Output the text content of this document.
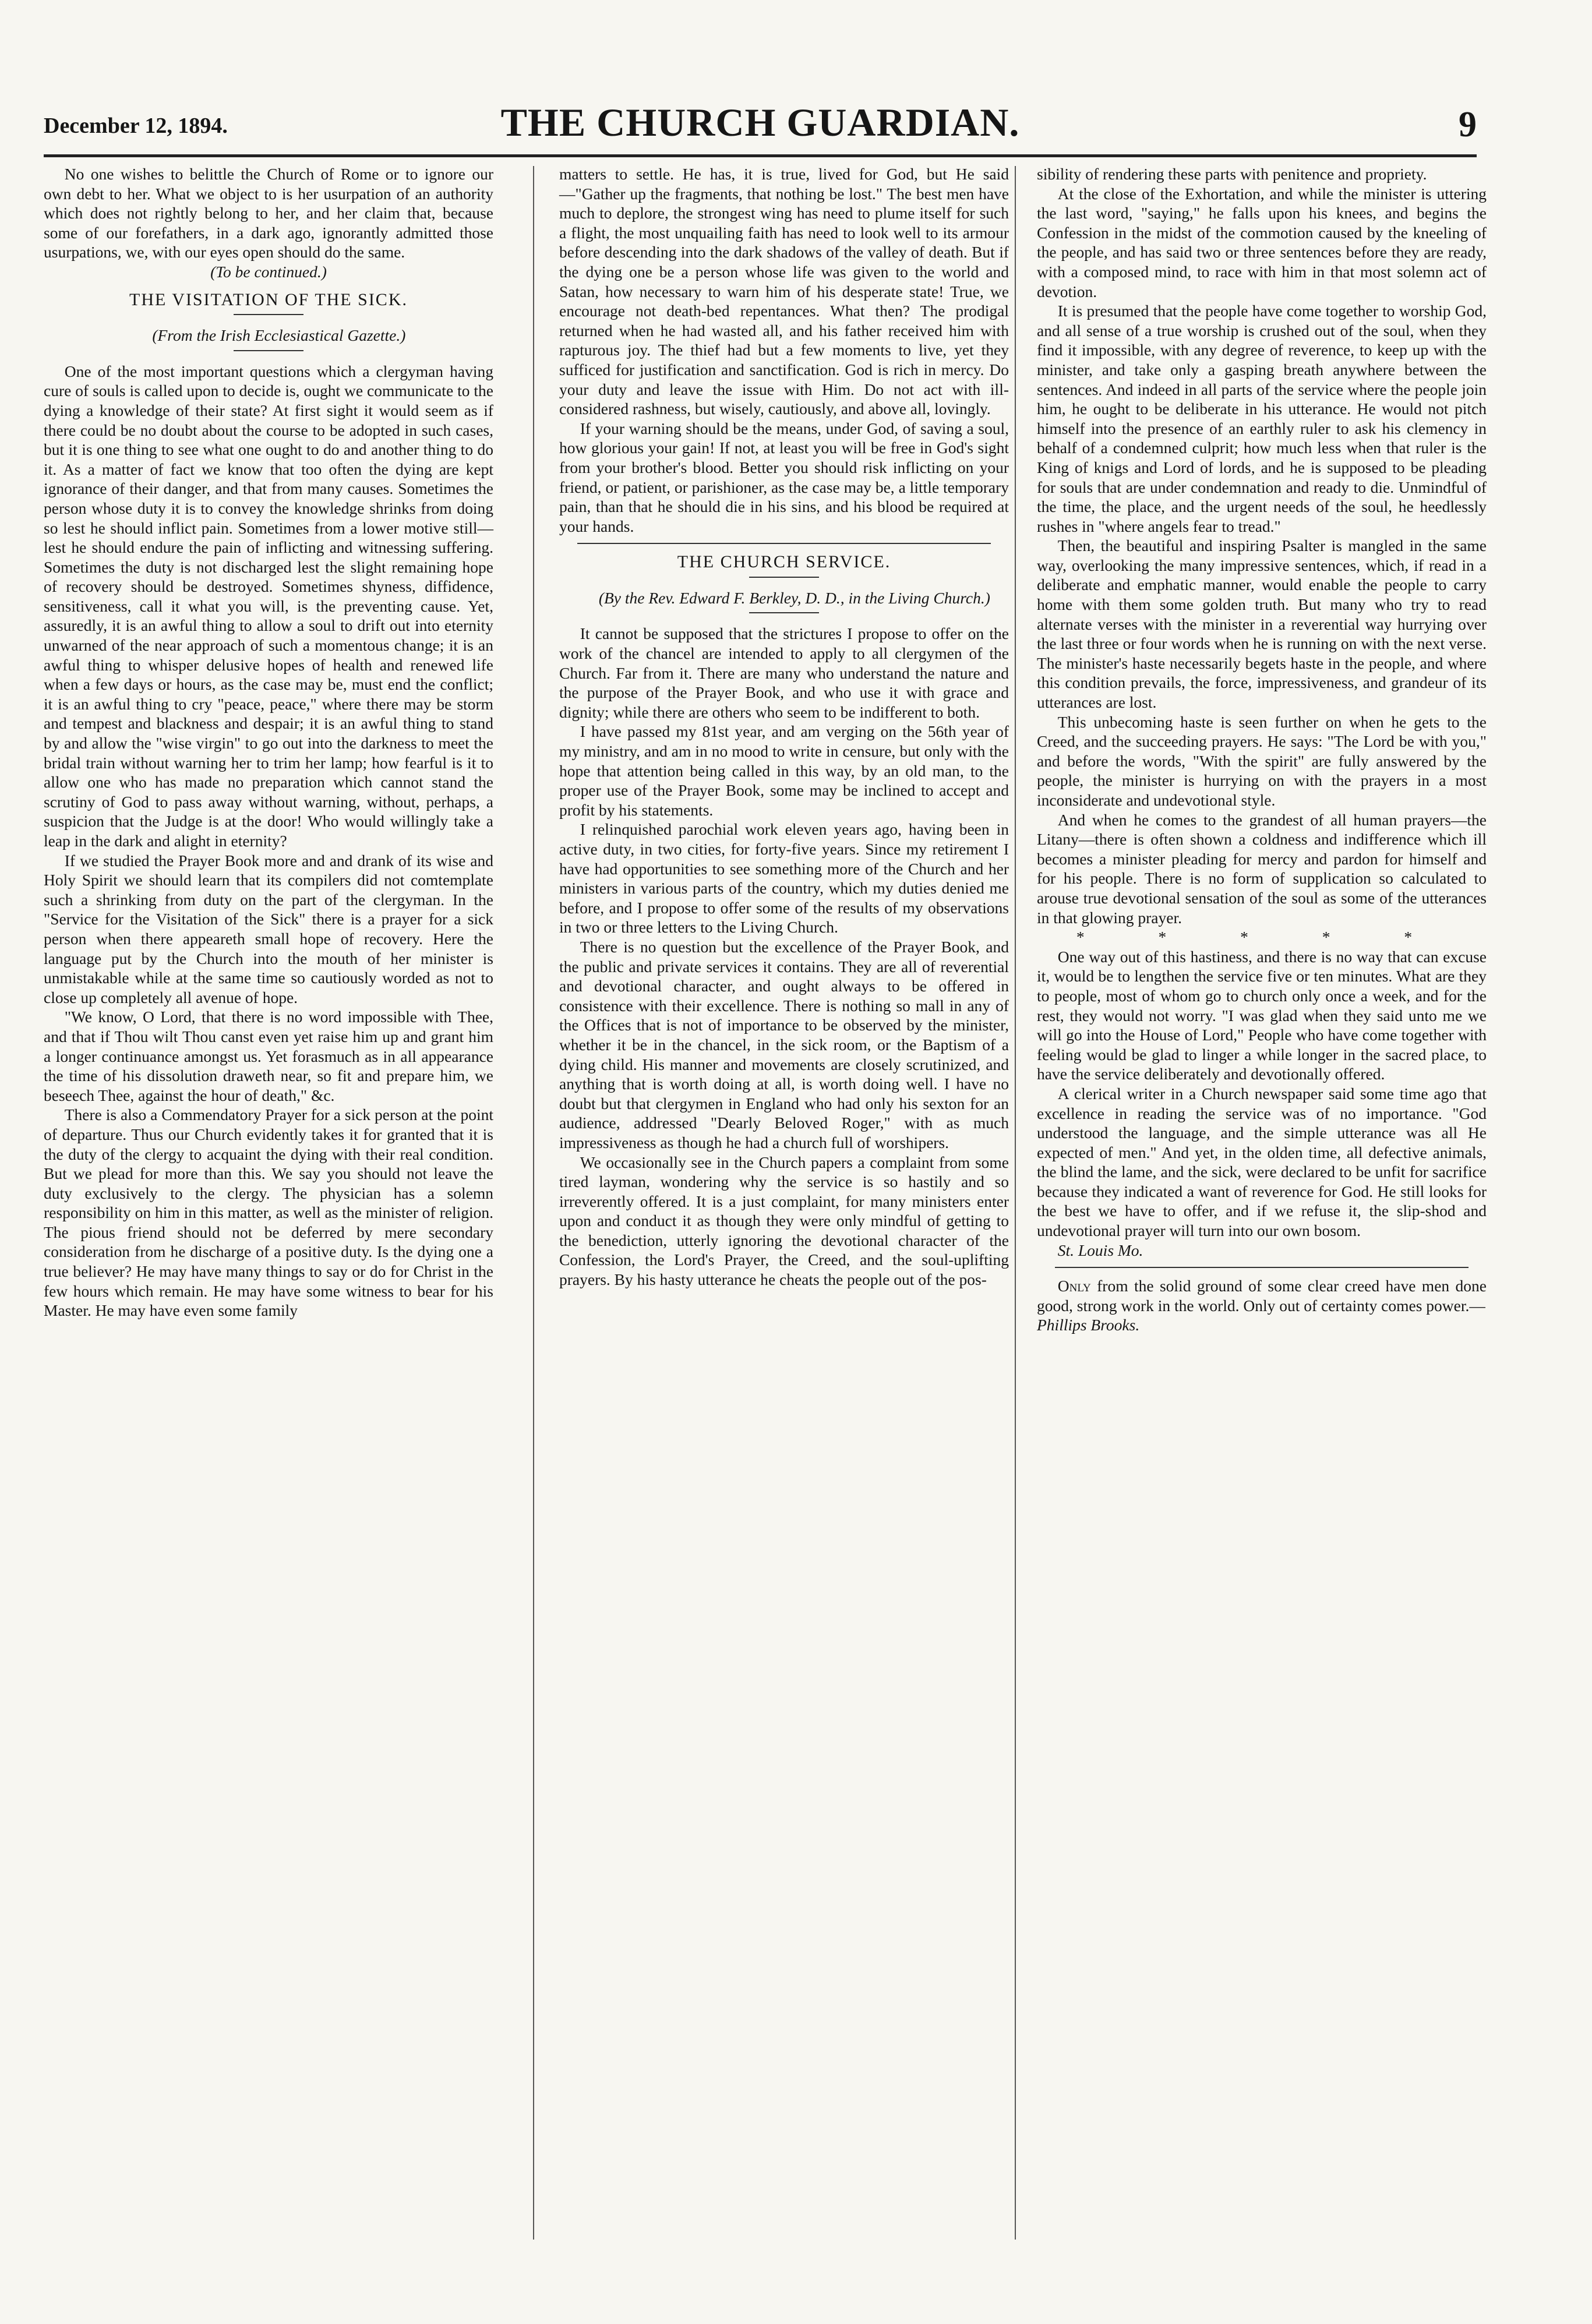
December 12, 1894.	THE CHURCH GUARDIAN.	9

No one wishes to belittle the Church of Rome or to ignore our own debt to her. What we object to is her usurpation of an authority which does not rightly belong to her, and her claim that, because some of our forefathers, in a dark ago, ignorantly admitted those usurpations, we, with our eyes open should do the same.

(To be continued.)

THE VISITATION OF THE SICK.

(From the Irish Ecclesiastical Gazette.)

One of the most important questions which a clergyman having cure of souls is called upon to decide is, ought we communicate to the dying a knowledge of their state? At first sight it would seem as if there could be no doubt about the course to be adopted in such cases, but it is one thing to see what one ought to do and another thing to do it. As a matter of fact we know that too often the dying are kept ignorance of their danger, and that from many causes. Sometimes the person whose duty it is to convey the knowledge shrinks from doing so lest he should inflict pain. Sometimes from a lower motive still—lest he should endure the pain of inflicting and witnessing suffering. Sometimes the duty is not discharged lest the slight remaining hope of recovery should be destroyed. Sometimes shyness, diffidence, sensitiveness, call it what you will, is the preventing cause. Yet, assuredly, it is an awful thing to allow a soul to drift out into eternity unwarned of the near approach of such a momentous change; it is an awful thing to whisper delusive hopes of health and renewed life when a few days or hours, as the case may be, must end the conflict; it is an awful thing to cry "peace, peace," where there may be storm and tempest and blackness and despair; it is an awful thing to stand by and allow the "wise virgin" to go out into the darkness to meet the bridal train without warning her to trim her lamp; how fearful is it to allow one who has made no preparation which cannot stand the scrutiny of God to pass away without warning, without, perhaps, a suspicion that the Judge is at the door! Who would willingly take a leap in the dark and alight in eternity?

If we studied the Prayer Book more and and drank of its wise and Holy Spirit we should learn that its compilers did not comtemplate such a shrinking from duty on the part of the clergyman. In the "Service for the Visitation of the Sick" there is a prayer for a sick person when there appeareth small hope of recovery. Here the language put by the Church into the mouth of her minister is unmistakable while at the same time so cautiously worded as not to close up completely all avenue of hope.

"We know, O Lord, that there is no word impossible with Thee, and that if Thou wilt Thou canst even yet raise him up and grant him a longer continuance amongst us. Yet forasmuch as in all appearance the time of his dissolution draweth near, so fit and prepare him, we beseech Thee, against the hour of death," &c.

There is also a Commendatory Prayer for a sick person at the point of departure. Thus our Church evidently takes it for granted that it is the duty of the clergy to acquaint the dying with their real condition. But we plead for more than this. We say you should not leave the duty exclusively to the clergy. The physician has a solemn responsibility on him in this matter, as well as the minister of religion. The pious friend should not be deferred by mere secondary consideration from he discharge of a positive duty. Is the dying one a true believer? He may have many things to say or do for Christ in the few hours which remain. He may have some witness to bear for his Master. He may have even some family

matters to settle. He has, it is true, lived for God, but He said—"Gather up the fragments, that nothing be lost." The best men have much to deplore, the strongest wing has need to plume itself for such a flight, the most unquailing faith has need to look well to its armour before descending into the dark shadows of the valley of death. But if the dying one be a person whose life was given to the world and Satan, how necessary to warn him of his desperate state! True, we encourage not death-bed repentances. What then? The prodigal returned when he had wasted all, and his father received him with rapturous joy. The thief had but a few moments to live, yet they sufficed for justification and sanctification. God is rich in mercy. Do your duty and leave the issue with Him. Do not act with ill-considered rashness, but wisely, cautiously, and above all, lovingly.

If your warning should be the means, under God, of saving a soul, how glorious your gain! If not, at least you will be free in God's sight from your brother's blood. Better you should risk inflicting on your friend, or patient, or parishioner, as the case may be, a little temporary pain, than that he should die in his sins, and his blood be required at your hands.

THE CHURCH SERVICE.

(By the Rev. Edward F. Berkley, D. D., in the Living Church.)

It cannot be supposed that the strictures I propose to offer on the work of the chancel are intended to apply to all clergymen of the Church. Far from it. There are many who understand the nature and the purpose of the Prayer Book, and who use it with grace and dignity; while there are others who seem to be indifferent to both.

I have passed my 81st year, and am verging on the 56th year of my ministry, and am in no mood to write in censure, but only with the hope that attention being called in this way, by an old man, to the proper use of the Prayer Book, some may be inclined to accept and profit by his statements.

I relinquished parochial work eleven years ago, having been in active duty, in two cities, for forty-five years. Since my retirement I have had opportunities to see something more of the Church and her ministers in various parts of the country, which my duties denied me before, and I propose to offer some of the results of my observations in two or three letters to the Living Church.

There is no question but the excellence of the Prayer Book, and the public and private services it contains. They are all of reverential and devotional character, and ought always to be offered in consistence with their excellence. There is nothing so mall in any of the Offices that is not of importance to be observed by the minister, whether it be in the chancel, in the sick room, or the Baptism of a dying child. His manner and movements are closely scrutinized, and anything that is worth doing at all, is worth doing well. I have no doubt but that clergymen in England who had only his sexton for an audience, addressed "Dearly Beloved Roger," with as much impressiveness as though he had a church full of worshipers.

We occasionally see in the Church papers a complaint from some tired layman, wondering why the service is so hastily and so irreverently offered. It is a just complaint, for many ministers enter upon and conduct it as though they were only mindful of getting to the benediction, utterly ignoring the devotional character of the Confession, the Lord's Prayer, the Creed, and the soul-uplifting prayers. By his hasty utterance he cheats the people out of the pos-

sibility of rendering these parts with penitence and propriety.

At the close of the Exhortation, and while the minister is uttering the last word, "saying," he falls upon his knees, and begins the Confession in the midst of the commotion caused by the kneeling of the people, and has said two or three sentences before they are ready, with a composed mind, to race with him in that most solemn act of devotion.

It is presumed that the people have come together to worship God, and all sense of a true worship is crushed out of the soul, when they find it impossible, with any degree of reverence, to keep up with the minister, and take only a gasping breath anywhere between the sentences. And indeed in all parts of the service where the people join him, he ought to be deliberate in his utterance. He would not pitch himself into the presence of an earthly ruler to ask his clemency in behalf of a condemned culprit; how much less when that ruler is the King of knigs and Lord of lords, and he is supposed to be pleading for souls that are under condemnation and ready to die. Unmindful of the time, the place, and the urgent needs of the soul, he heedlessly rushes in "where angels fear to tread."

Then, the beautiful and inspiring Psalter is mangled in the same way, overlooking the many impressive sentences, which, if read in a deliberate and emphatic manner, would enable the people to carry home with them some golden truth. But many who try to read alternate verses with the minister in a reverential way hurrying over the last three or four words when he is running on with the next verse. The minister's haste necessarily begets haste in the people, and where this condition prevails, the force, impressiveness, and grandeur of its utterances are lost.

This unbecoming haste is seen further on when he gets to the Creed, and the succeeding prayers. He says: "The Lord be with you," and before the words, "With the spirit" are fully answered by the people, the minister is hurrying on with the prayers in a most inconsiderate and undevotional style.

And when he comes to the grandest of all human prayers—the Litany—there is often shown a coldness and indifference which ill becomes a minister pleading for mercy and pardon for himself and for his people. There is no form of supplication so calculated to arouse true devotional sensation of the soul as some of the utterances in that glowing prayer.

* * * * *

One way out of this hastiness, and there is no way that can excuse it, would be to lengthen the service five or ten minutes. What are they to people, most of whom go to church only once a week, and for the rest, they would not worry. "I was glad when they said unto me we will go into the House of Lord," People who have come together with feeling would be glad to linger a while longer in the sacred place, to have the service deliberately and devotionally offered.

A clerical writer in a Church newspaper said some time ago that excellence in reading the service was of no importance. "God understood the language, and the simple utterance was all He expected of men." And yet, in the olden time, all defective animals, the blind the lame, and the sick, were declared to be unfit for sacrifice because they indicated a want of reverence for God. He still looks for the best we have to offer, and if we refuse it, the slip-shod and undevotional prayer will turn into our own bosom.

St. Louis Mo.

Only from the solid ground of some clear creed have men done good, strong work in the world. Only out of certainty comes power.—
Phillips Brooks.
